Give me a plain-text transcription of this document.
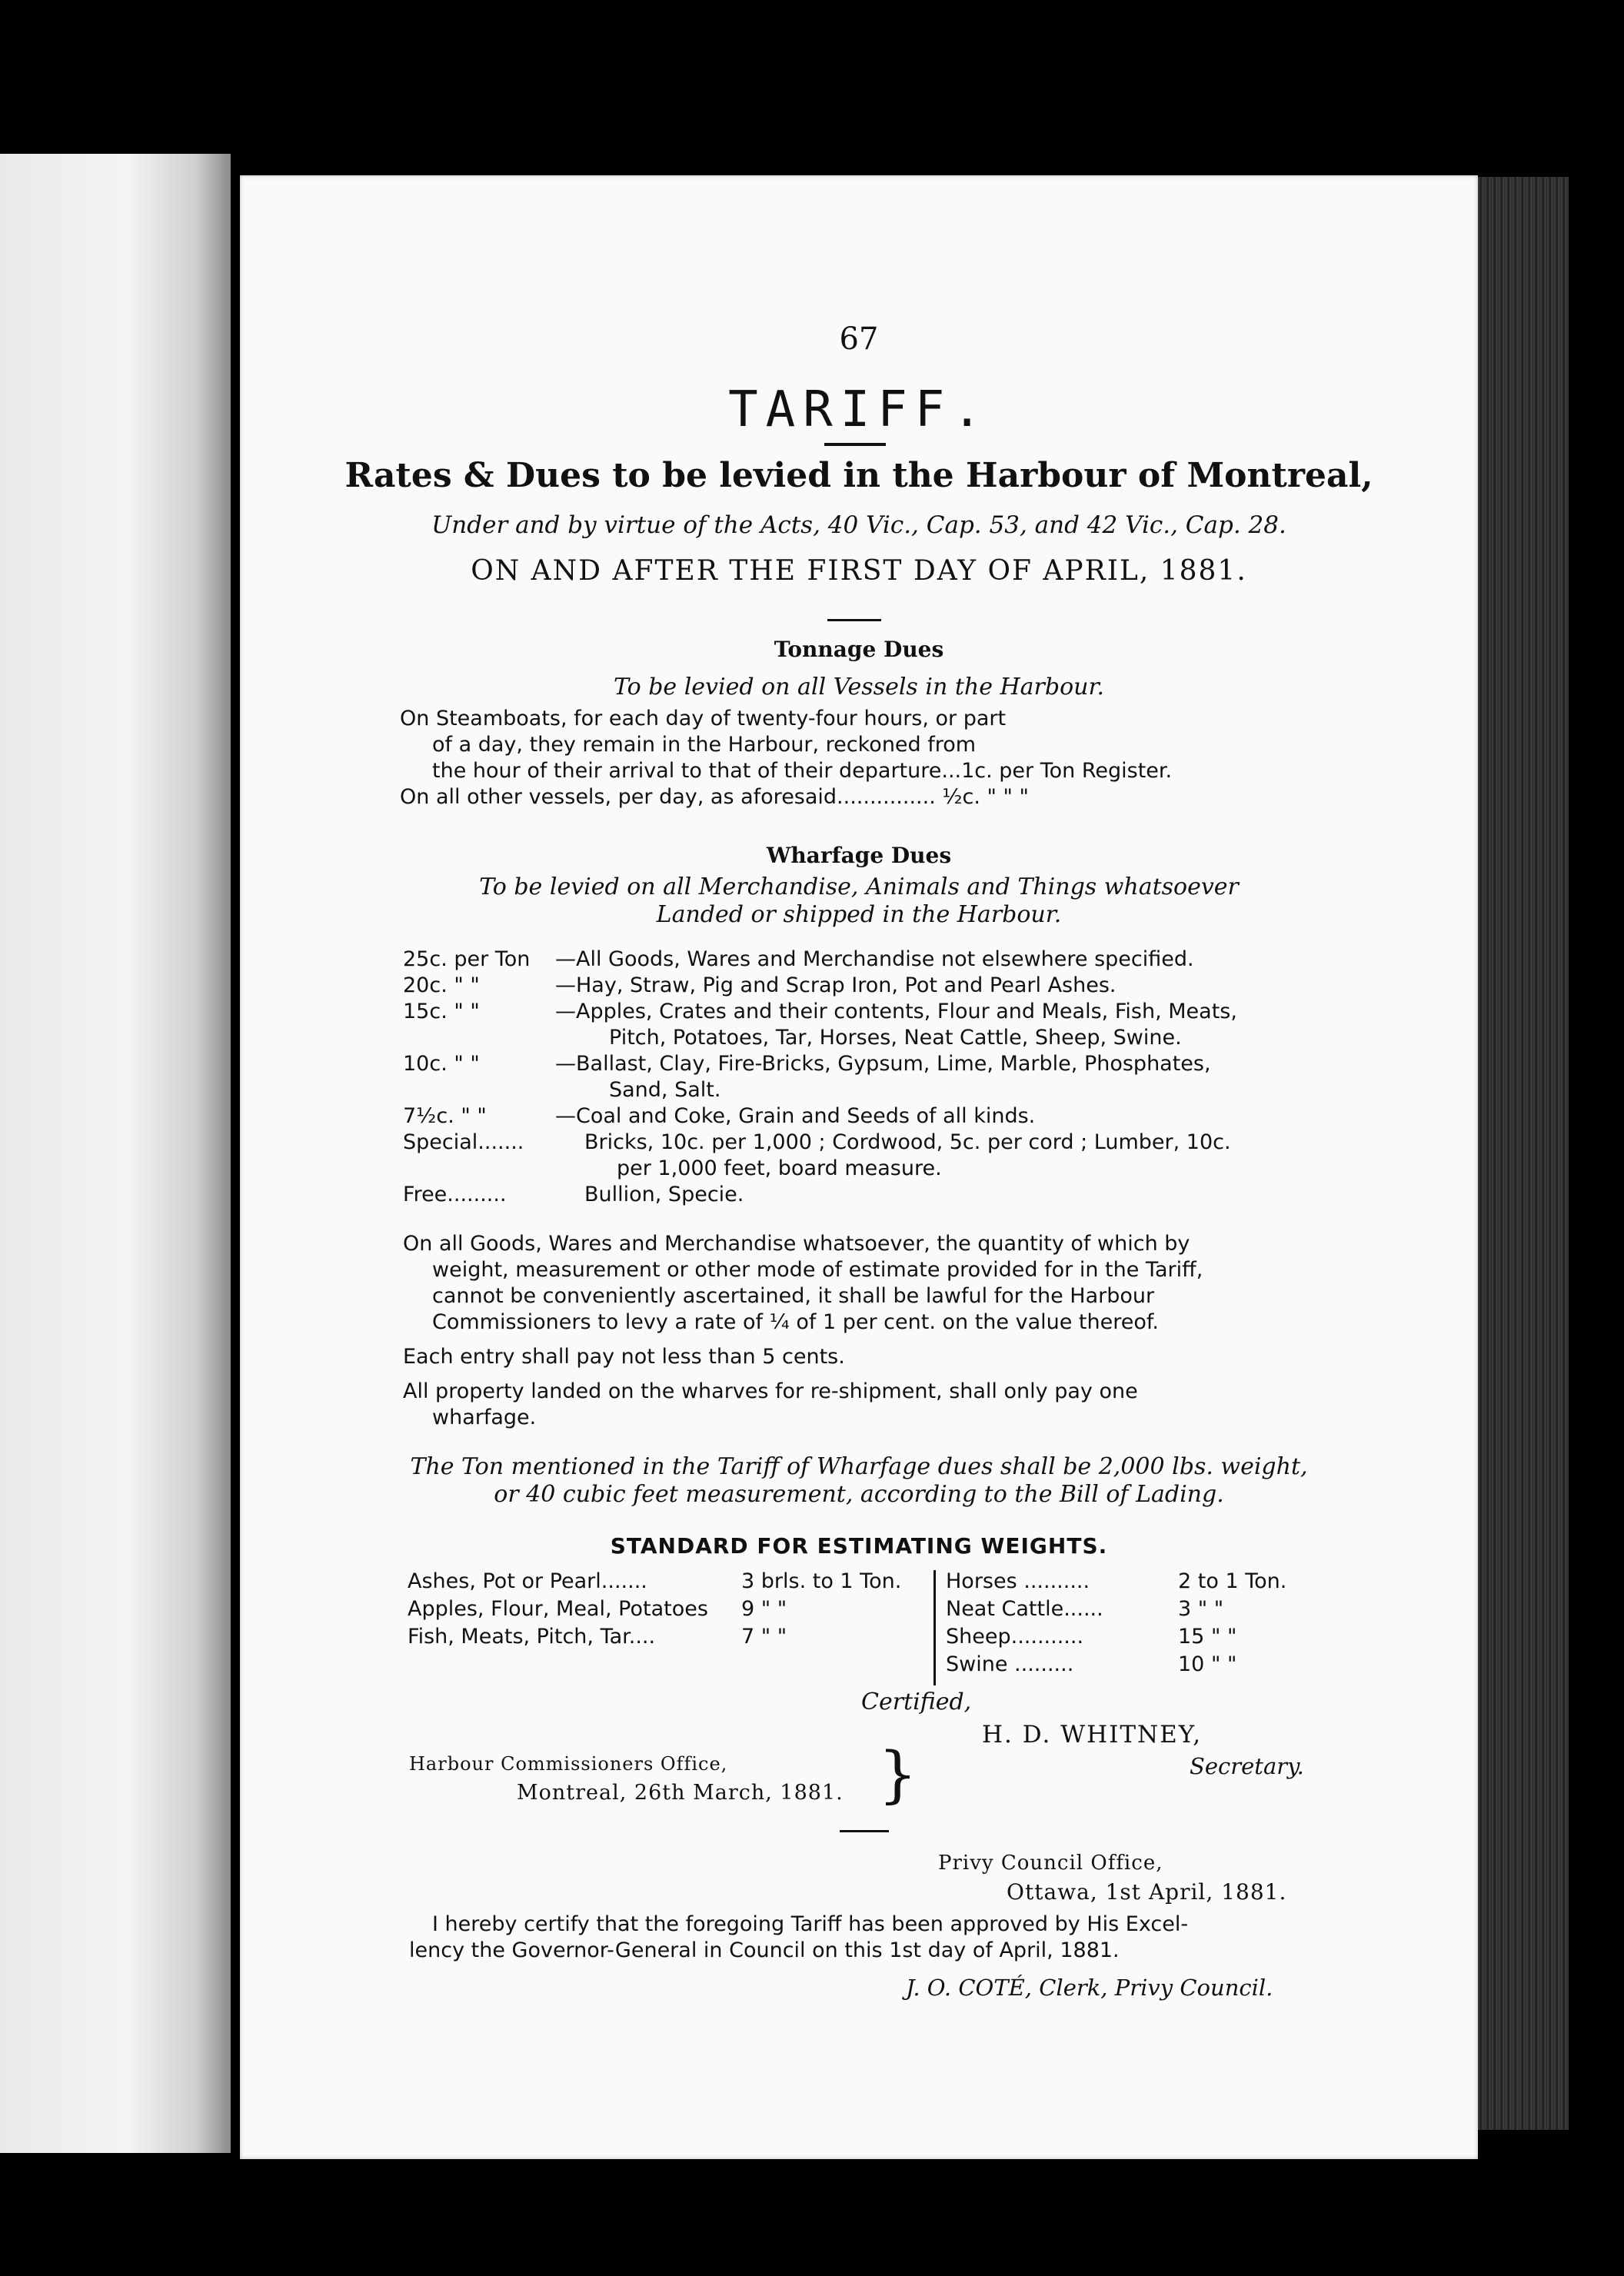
67
TARIFF.
Rates & Dues to be levied in the Harbour of Montreal,
Under and by virtue of the Acts, 40 Vic., Cap. 53, and 42 Vic., Cap. 28.
ON AND AFTER THE FIRST DAY OF APRIL, 1881.
Tonnage Dues
To be levied on all Vessels in the Harbour.
On Steamboats, for each day of twenty-four hours, or part
of a day, they remain in the Harbour, reckoned from
the hour of their arrival to that of their departure...1c. per Ton Register.
On all other vessels, per day, as aforesaid............... ½c. " " "
Wharfage Dues
To be levied on all Merchandise, Animals and Things whatsoever
Landed or shipped in the Harbour.
25c. per Ton —All Goods, Wares and Merchandise not elsewhere specified.
20c. " "	—Hay, Straw, Pig and Scrap Iron, Pot and Pearl Ashes.
15c. " "	—Apples, Crates and their contents, Flour and Meals, Fish, Meats,
Pitch, Potatoes, Tar, Horses, Neat Cattle, Sheep, Swine.
10c. " "	—Ballast, Clay, Fire-Bricks, Gypsum, Lime, Marble, Phosphates,
Sand, Salt.
7½c. " "	—Coal and Coke, Grain and Seeds of all kinds.
Special.......	Bricks, 10c. per 1,000 ; Cordwood, 5c. per cord ; Lumber, 10c.
per 1,000 feet, board measure.
Free.........	Bullion, Specie.
On all Goods, Wares and Merchandise whatsoever, the quantity of which by
weight, measurement or other mode of estimate provided for in the Tariff,
cannot be conveniently ascertained, it shall be lawful for the Harbour
Commissioners to levy a rate of ¼ of 1 per cent. on the value thereof.
Each entry shall pay not less than 5 cents.
All property landed on the wharves for re-shipment, shall only pay one
wharfage.
The Ton mentioned in the Tariff of Wharfage dues shall be 2,000 lbs. weight,
or 40 cubic feet measurement, according to the Bill of Lading.
STANDARD FOR ESTIMATING WEIGHTS.
Ashes, Pot or Pearl.......	3 brls. to 1 Ton.
Apples, Flour, Meal, Potatoes 9 " "
Fish, Meats, Pitch, Tar....	7 " "
Horses ..........	2 to 1 Ton.
Neat Cattle......	3 " "
Sheep...........	15 " "
Swine .........	10 " "
Certified,
H. D. WHITNEY,
Secretary.
Harbour Commissioners Office,
Montreal, 26th March, 1881. }
Privy Council Office,
Ottawa, 1st April, 1881.
I hereby certify that the foregoing Tariff has been approved by His Excel-
lency the Governor-General in Council on this 1st day of April, 1881.
J. O. COTÉ, Clerk, Privy Council.
